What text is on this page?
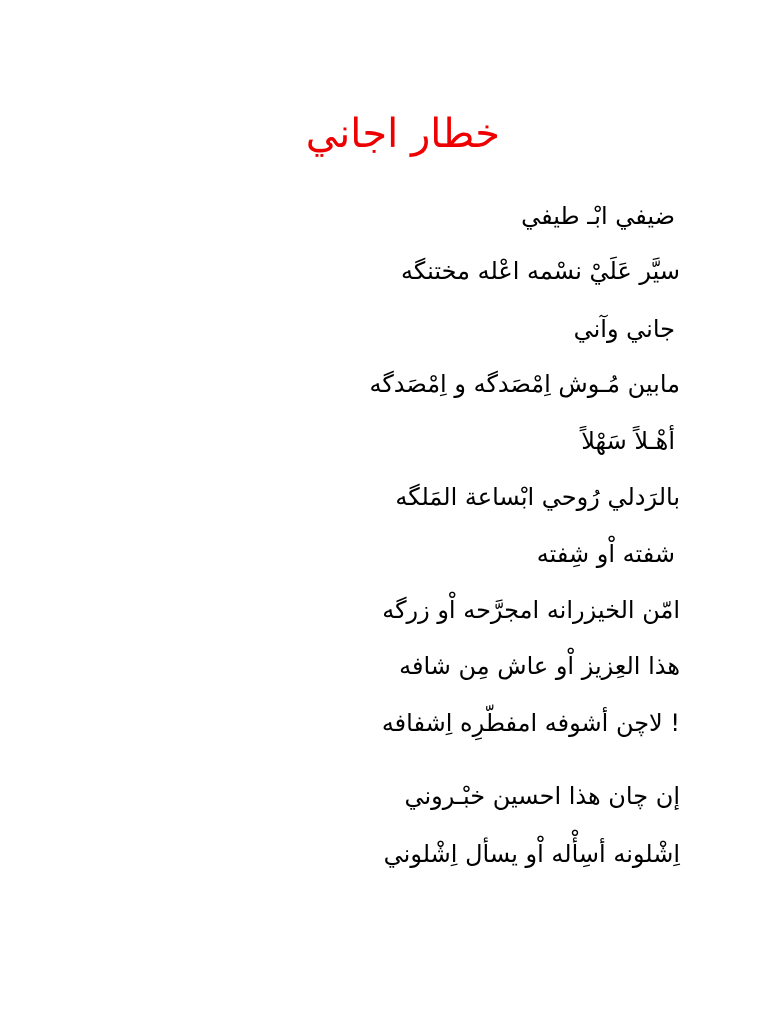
خطار اجاني

ضيفي ابْـ طيفي

سيَّر عَلَيْ نسْمه اعْله مختنگه

جاني وآني

مابين مُـوش اِمْصَدگه و اِمْصَدگه

أهْـلاً سَهْلاً

بالرَدلي رُوحي ابْساعة المَلگه

شفته اْو شِفته

امّن الخيزرانه امجرَّحه اْو زرگه

هذا العِزيز اْو عاش مِن شافه

! لاچن أشوفه امفطّرِه اِشفافه

إن چان هذا احسين خبْـروني

اِشْلونه أسِأْله اْو يسأل اِشْلوني
